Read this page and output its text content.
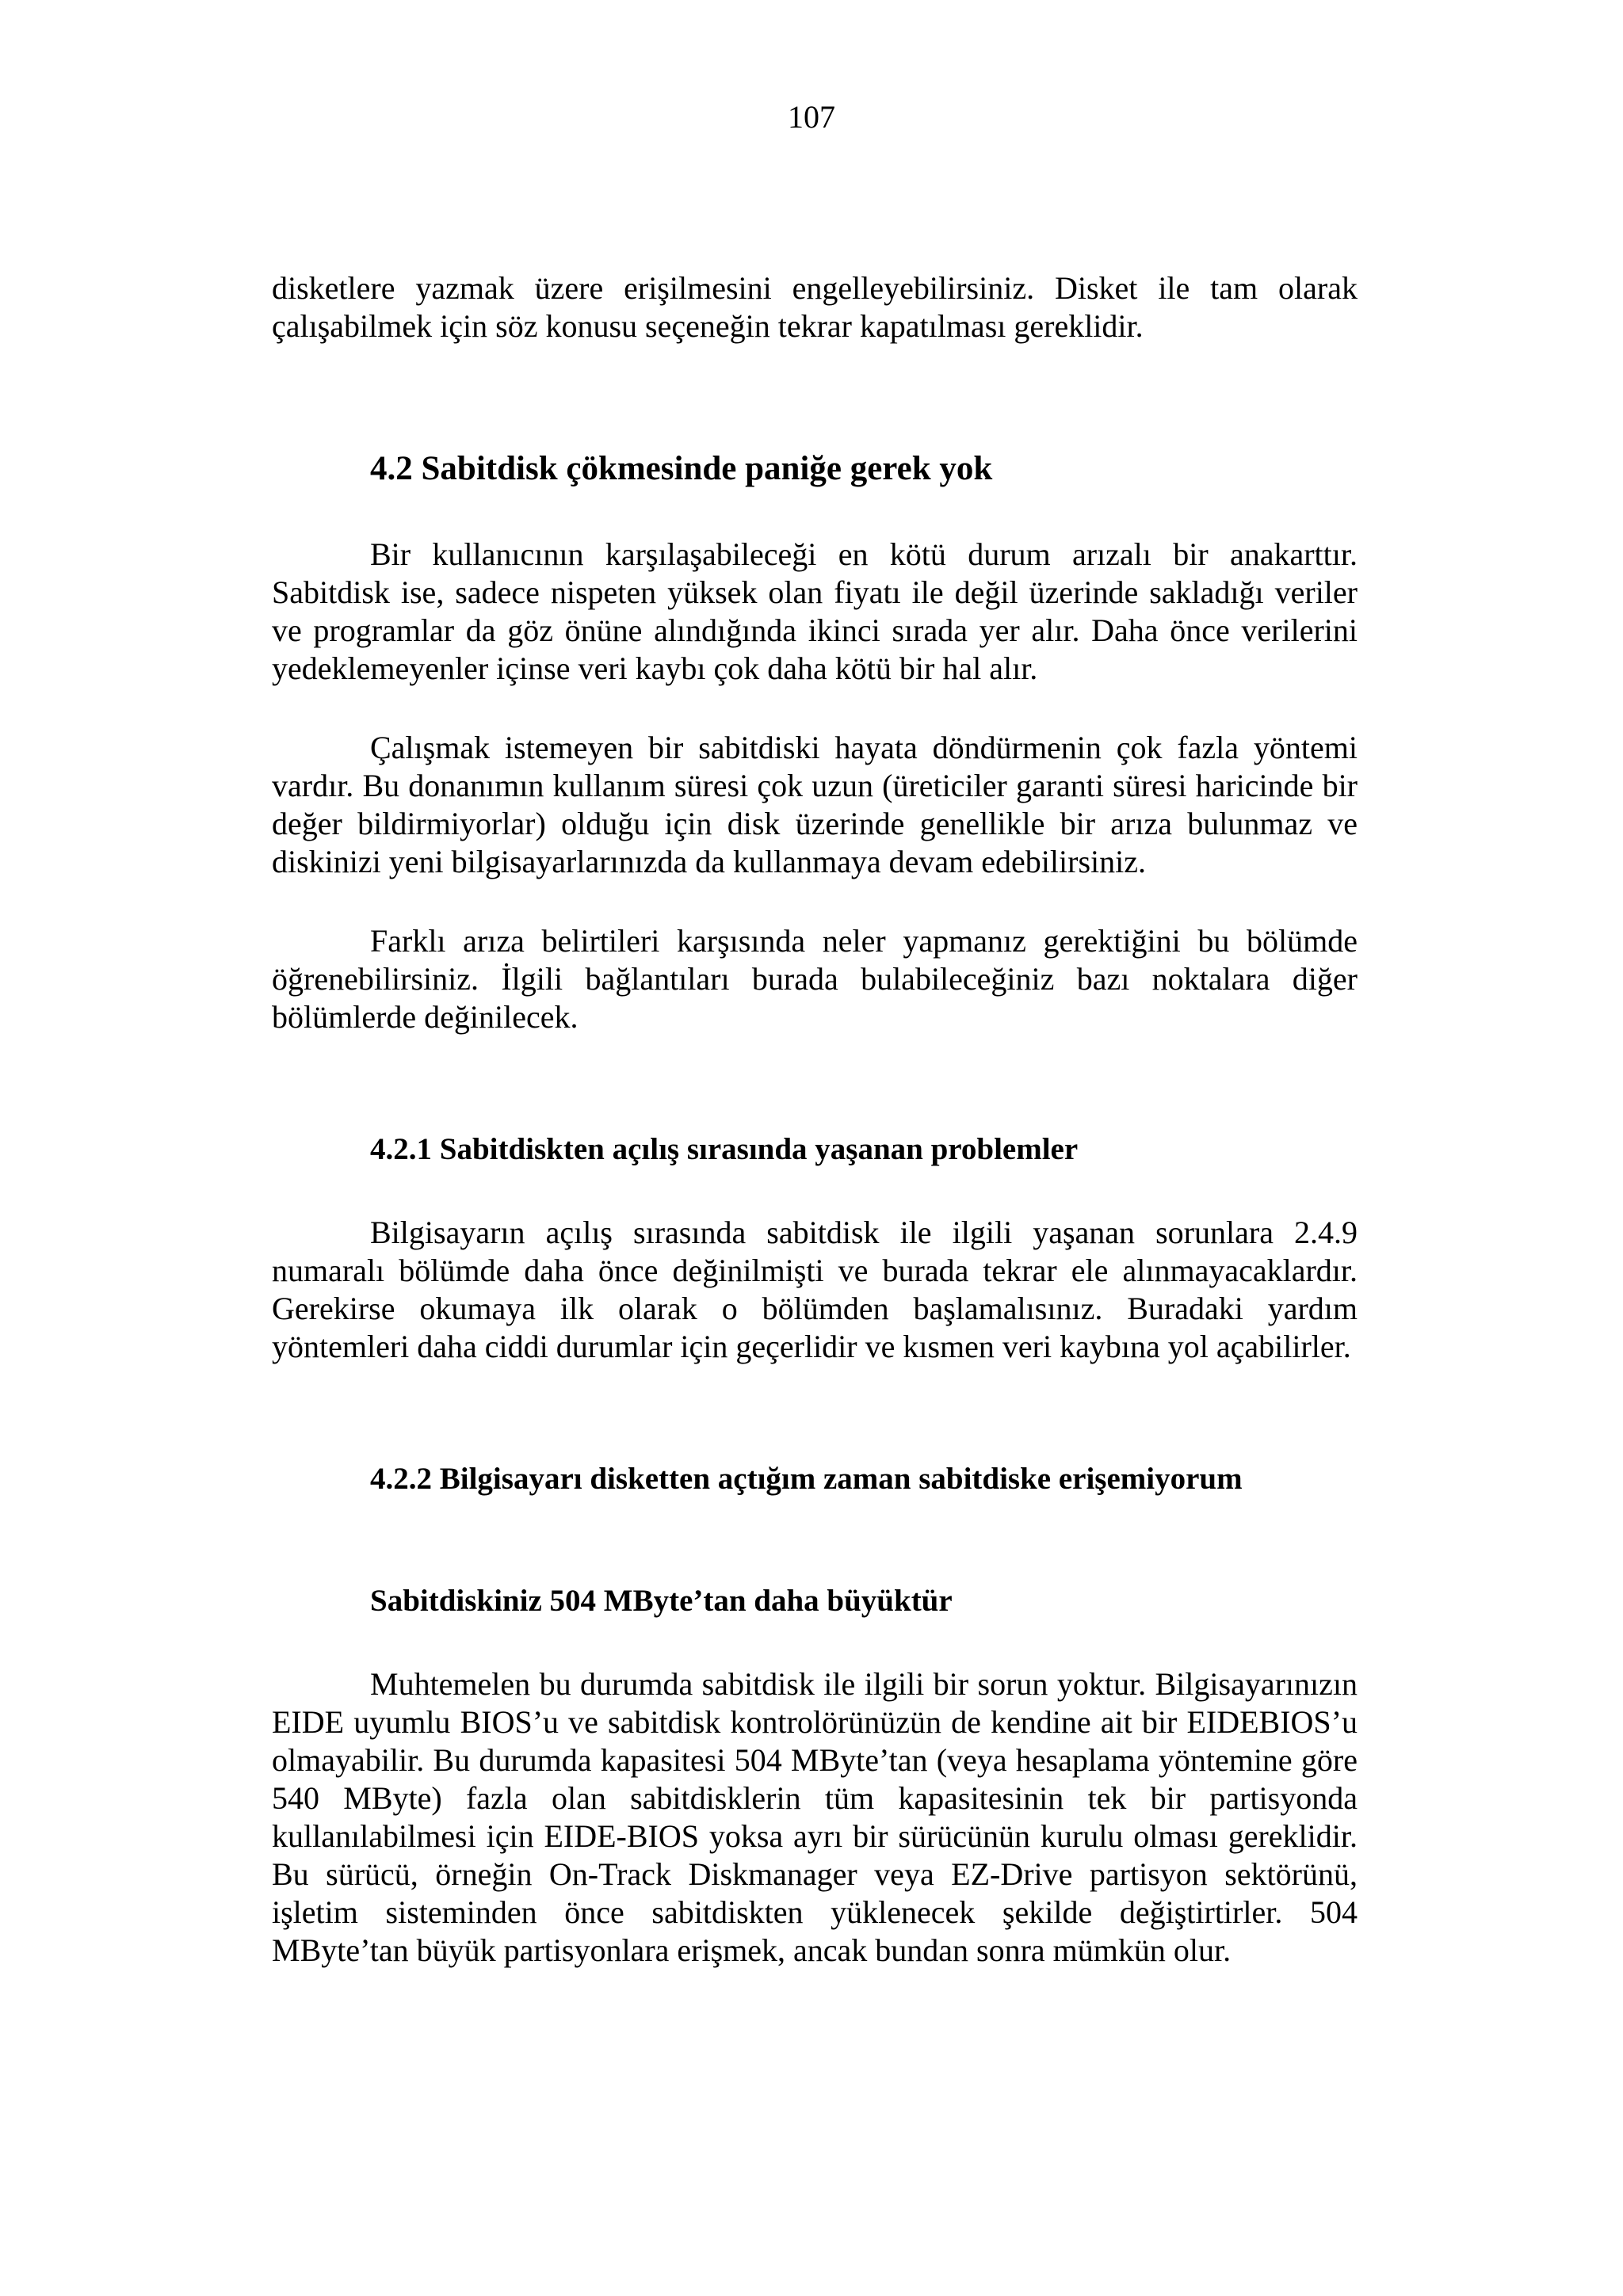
107

disketlere yazmak üzere erişilmesini engelleyebilirsiniz. Disket ile tam olarak çalışabilmek için söz konusu seçeneğin tekrar kapatılması gereklidir.

4.2 Sabitdisk çökmesinde paniğe gerek yok

Bir kullanıcının karşılaşabileceği en kötü durum arızalı bir anakarttır. Sabitdisk ise, sadece nispeten yüksek olan fiyatı ile değil üzerinde sakladığı veriler ve programlar da göz önüne alındığında ikinci sırada yer alır. Daha önce verilerini yedeklemeyenler içinse veri kaybı çok daha kötü bir hal alır.

Çalışmak istemeyen bir sabitdiski hayata döndürmenin çok fazla yöntemi vardır. Bu donanımın kullanım süresi çok uzun (üreticiler garanti süresi haricinde bir değer bildirmiyorlar) olduğu için disk üzerinde genellikle bir arıza bulunmaz ve diskinizi yeni bilgisayarlarınızda da kullanmaya devam edebilirsiniz.

Farklı arıza belirtileri karşısında neler yapmanız gerektiğini bu bölümde öğrenebilirsiniz. İlgili bağlantıları burada bulabileceğiniz bazı noktalara diğer bölümlerde değinilecek.

4.2.1 Sabitdiskten açılış sırasında yaşanan problemler

Bilgisayarın açılış sırasında sabitdisk ile ilgili yaşanan sorunlara 2.4.9 numaralı bölümde daha önce değinilmişti ve burada tekrar ele alınmayacaklardır. Gerekirse okumaya ilk olarak o bölümden başlamalısınız. Buradaki yardım yöntemleri daha ciddi durumlar için geçerlidir ve kısmen veri kaybına yol açabilirler.

4.2.2 Bilgisayarı disketten açtığım zaman sabitdiske erişemiyorum
Sabitdiskiniz 504 MByte’tan daha büyüktür

Muhtemelen bu durumda sabitdisk ile ilgili bir sorun yoktur. Bilgisayarınızın EIDE uyumlu BIOS’u ve sabitdisk kontrolörünüzün de kendine ait bir EIDEBIOS’u olmayabilir. Bu durumda kapasitesi 504 MByte’tan (veya hesaplama yöntemine göre 540 MByte) fazla olan sabitdisklerin tüm kapasitesinin tek bir partisyonda kullanılabilmesi için EIDE-BIOS yoksa ayrı bir sürücünün kurulu olması gereklidir. Bu sürücü, örneğin On-Track Diskmanager veya EZ-Drive partisyon sektörünü, işletim sisteminden önce sabitdiskten yüklenecek şekilde değiştirtirler. 504 MByte’tan büyük partisyonlara erişmek, ancak bundan sonra mümkün olur.
